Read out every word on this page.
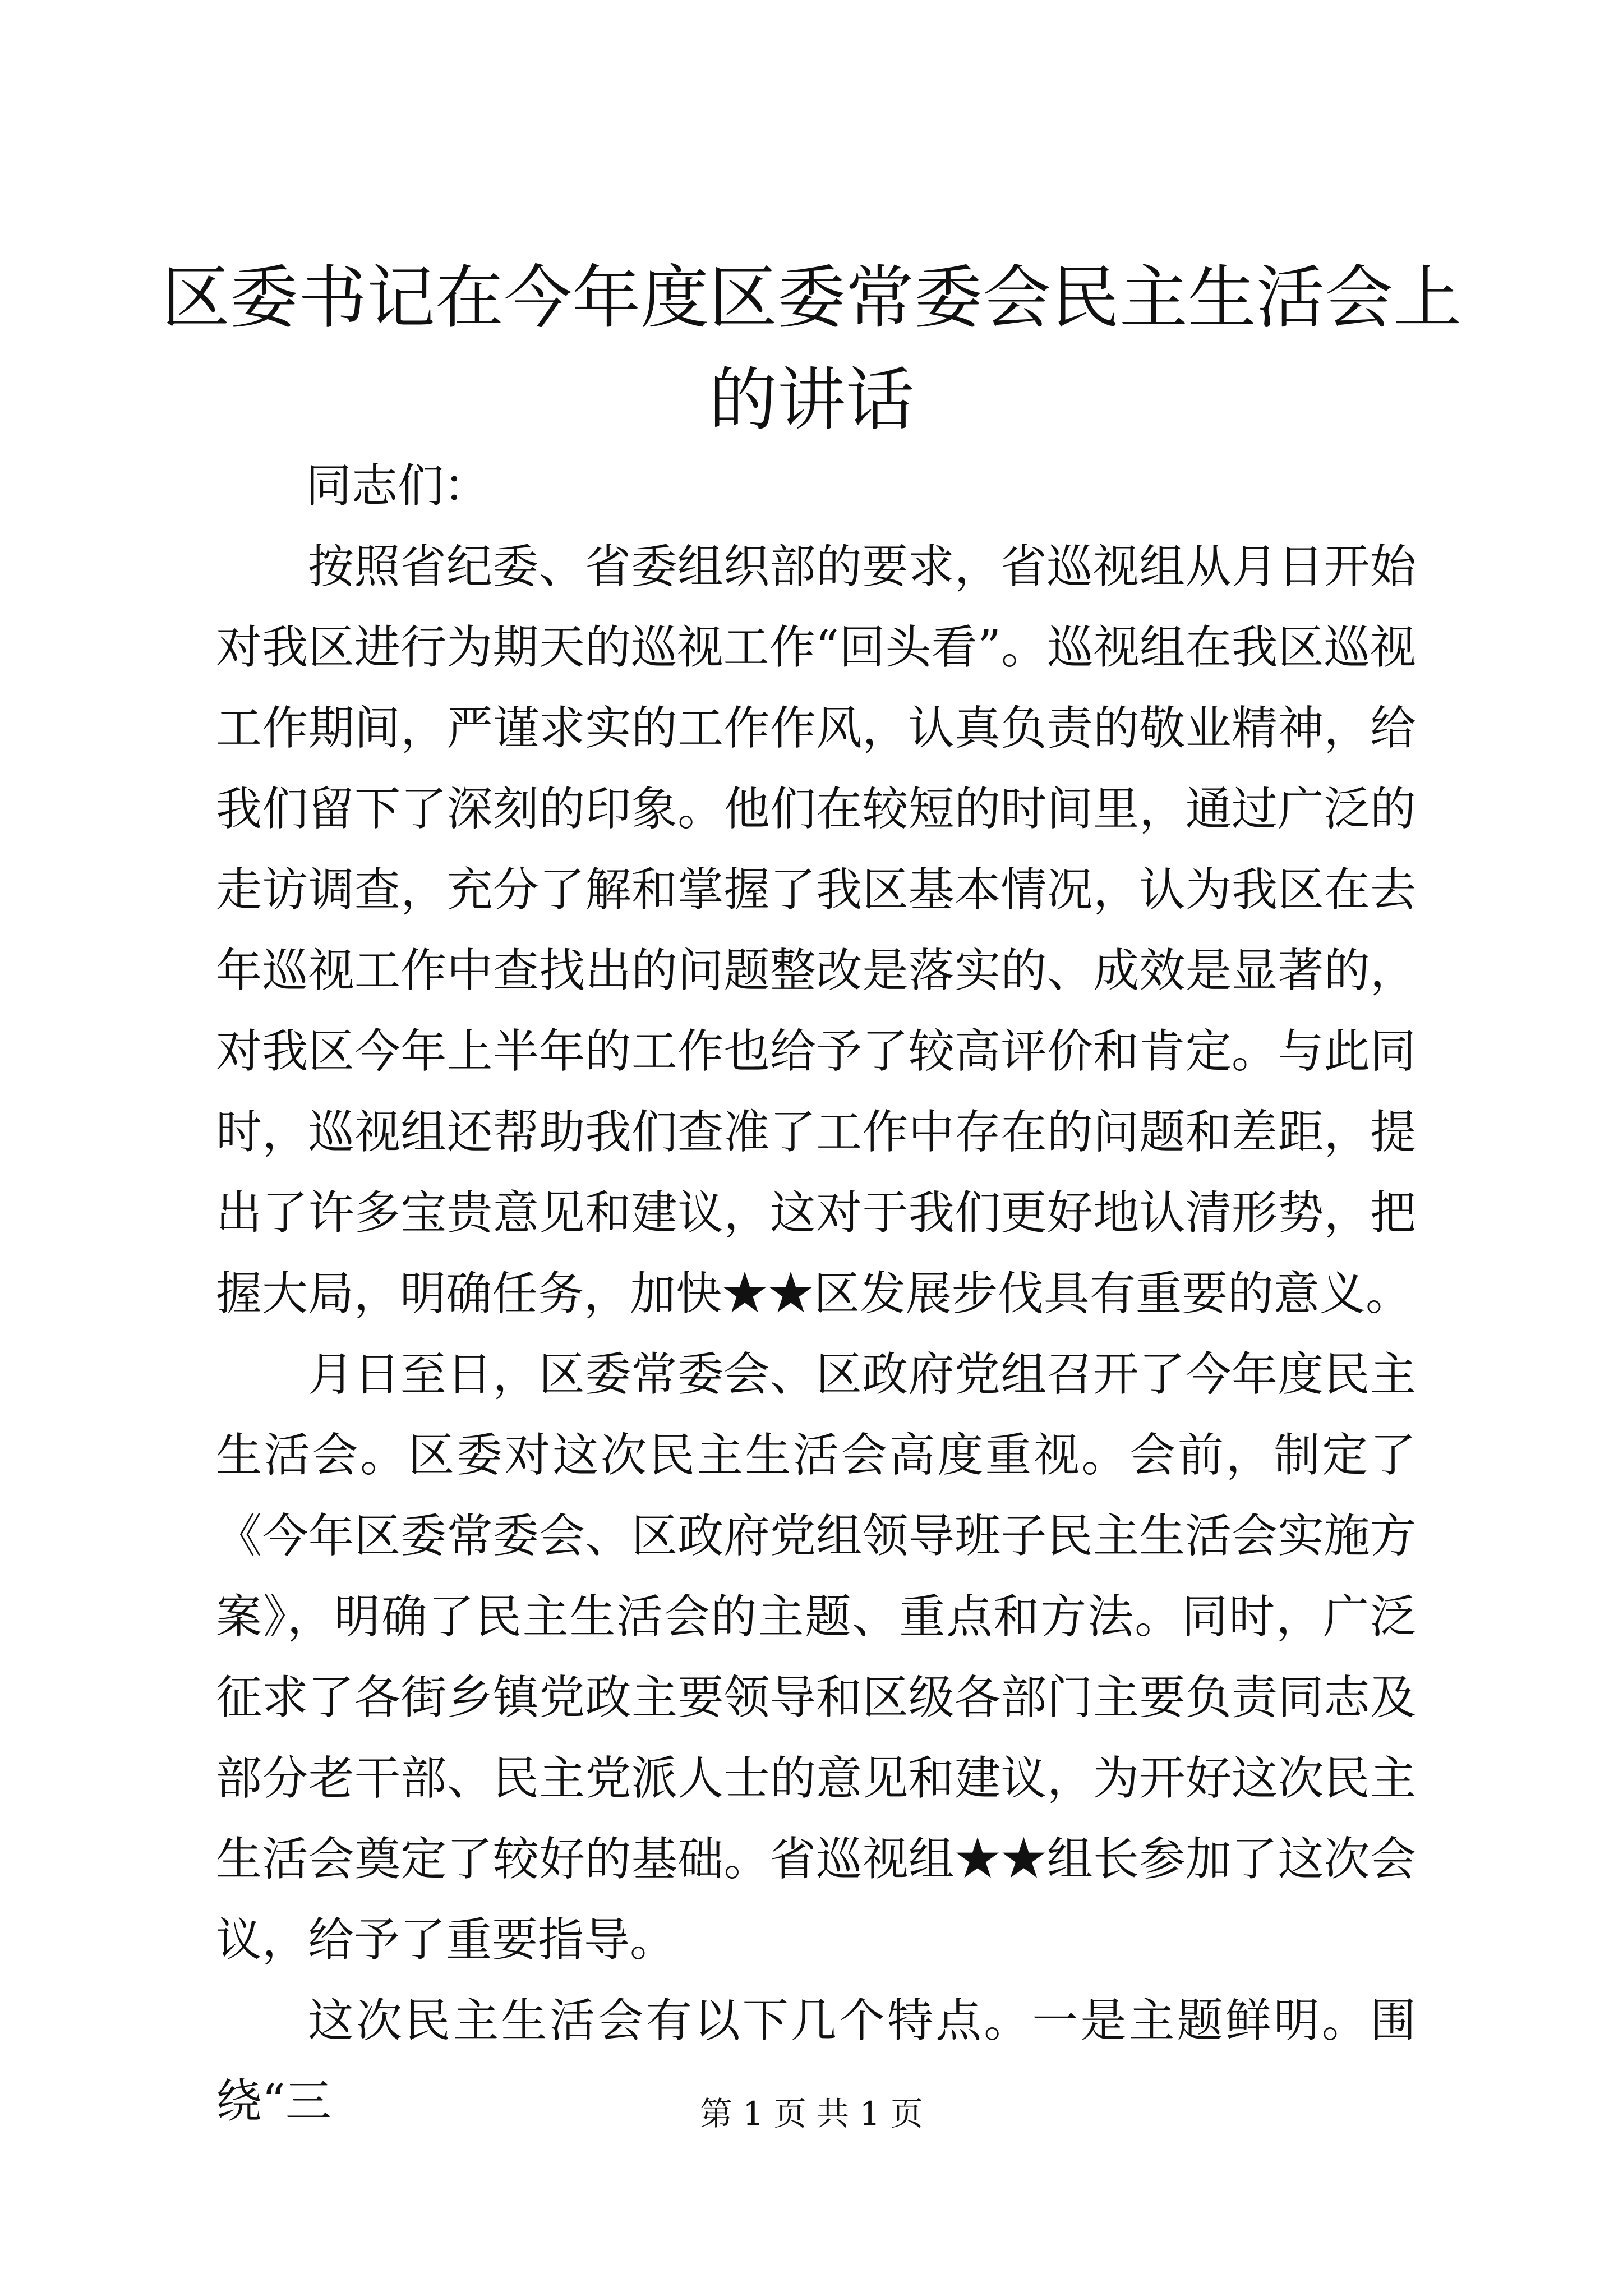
区委书记在今年度区委常委会民主生活会上的讲话

同志们：

按照省纪委、省委组织部的要求，省巡视组从月日开始对我区进行为期天的巡视工作“回头看”。巡视组在我区巡视工作期间，严谨求实的工作作风，认真负责的敬业精神，给我们留下了深刻的印象。他们在较短的时间里，通过广泛的走访调查，充分了解和掌握了我区基本情况，认为我区在去年巡视工作中查找出的问题整改是落实的、成效是显著的，对我区今年上半年的工作也给予了较高评价和肯定。与此同时，巡视组还帮助我们查准了工作中存在的问题和差距，提出了许多宝贵意见和建议，这对于我们更好地认清形势，把握大局，明确任务，加快★★区发展步伐具有重要的意义。

月日至日，区委常委会、区政府党组召开了今年度民主生活会。区委对这次民主生活会高度重视。会前，制定了《今年区委常委会、区政府党组领导班子民主生活会实施方案》，明确了民主生活会的主题、重点和方法。同时，广泛征求了各街乡镇党政主要领导和区级各部门主要负责同志及部分老干部、民主党派人士的意见和建议，为开好这次民主生活会奠定了较好的基础。省巡视组★★组长参加了这次会议，给予了重要指导。

这次民主生活会有以下几个特点。一是主题鲜明。围绕“三	第 1 页 共 1 页
